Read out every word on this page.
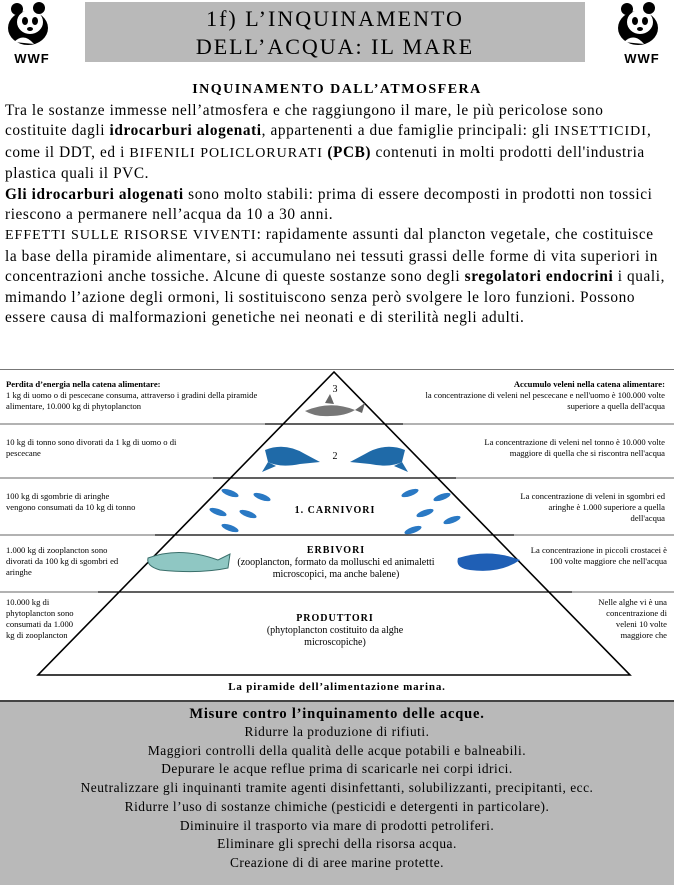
WWF	WWF
1f) L’INQUINAMENTO
DELL’ACQUA: IL MARE
INQUINAMENTO DALL’ATMOSFERA

Tra le sostanze immesse nell’atmosfera e che raggiungono il mare, le più pericolose sono costituite dagli idrocarburi alogenati, appartenenti a due famiglie principali: gli INSETTICIDI, come il DDT, ed i BIFENILI POLICLORURATI (PCB) contenuti in molti prodotti dell'industria plastica quali il PVC.

Gli idrocarburi alogenati sono molto stabili: prima di essere decomposti in prodotti non tossici riescono a permanere nell’acqua da 10 a 30 anni.

EFFETTI SULLE RISORSE VIVENTI: rapidamente assunti dal plancton vegetale, che costituisce la base della piramide alimentare, si accumulano nei tessuti grassi delle forme di vita superiori in concentrazioni anche tossiche. Alcune di queste sostanze sono degli sregolatori endocrini i quali, mimando l’azione degli ormoni, li sostituiscono senza però svolgere le loro funzioni. Possono essere causa di malformazioni genetiche nei neonati e di sterilità negli adulti.

Perdita d’energia nella catena alimentare:
1 kg di uomo o di pescecane consuma, attraverso i gradini della piramide alimentare, 10.000 kg di phytoplancton
10 kg di tonno sono divorati da 1 kg di uomo o di pescecane
100 kg di sgombrie di aringhe vengono consumati da 10 kg di tonno
1.000 kg di zooplancton sono divorati da 100 kg di sgombri ed aringhe
10.000 kg di phytoplancton sono consumati da 1.000 kg di zooplancton
Accumulo veleni nella catena alimentare:
la concentrazione di veleni nel pescecane e nell'uomo è 100.000 volte superiore a quella dell'acqua
La concentrazione di veleni nel tonno è 10.000 volte maggiore di quella che si riscontra nell'acqua
La concentrazione di veleni in sgombri ed aringhe è 1.000 superiore a quella dell'acqua
La concentrazione in piccoli crostacei è 100 volte maggiore che nell'acqua
Nelle alghe vi è una concentrazione di veleni 10 volte maggiore che
3
2
1. CARNIVORI
ERBIVORI
(zooplancton, formato da molluschi ed animaletti microscopici, ma anche balene)
PRODUTTORI
(phytoplancton costituito da alghe microscopiche)
La piramide dell’alimentazione marina.
Misure contro l’inquinamento delle acque.
Ridurre la produzione di rifiuti.
Maggiori controlli della qualità delle acque potabili e balneabili.
Depurare le acque reflue prima di scaricarle nei corpi idrici.
Neutralizzare gli inquinanti tramite agenti disinfettanti, solubilizzanti, precipitanti, ecc.
Ridurre l’uso di sostanze chimiche (pesticidi e detergenti in particolare).
Diminuire il trasporto via mare di prodotti petroliferi.
Eliminare gli sprechi della risorsa acqua.
Creazione di di aree marine protette.
